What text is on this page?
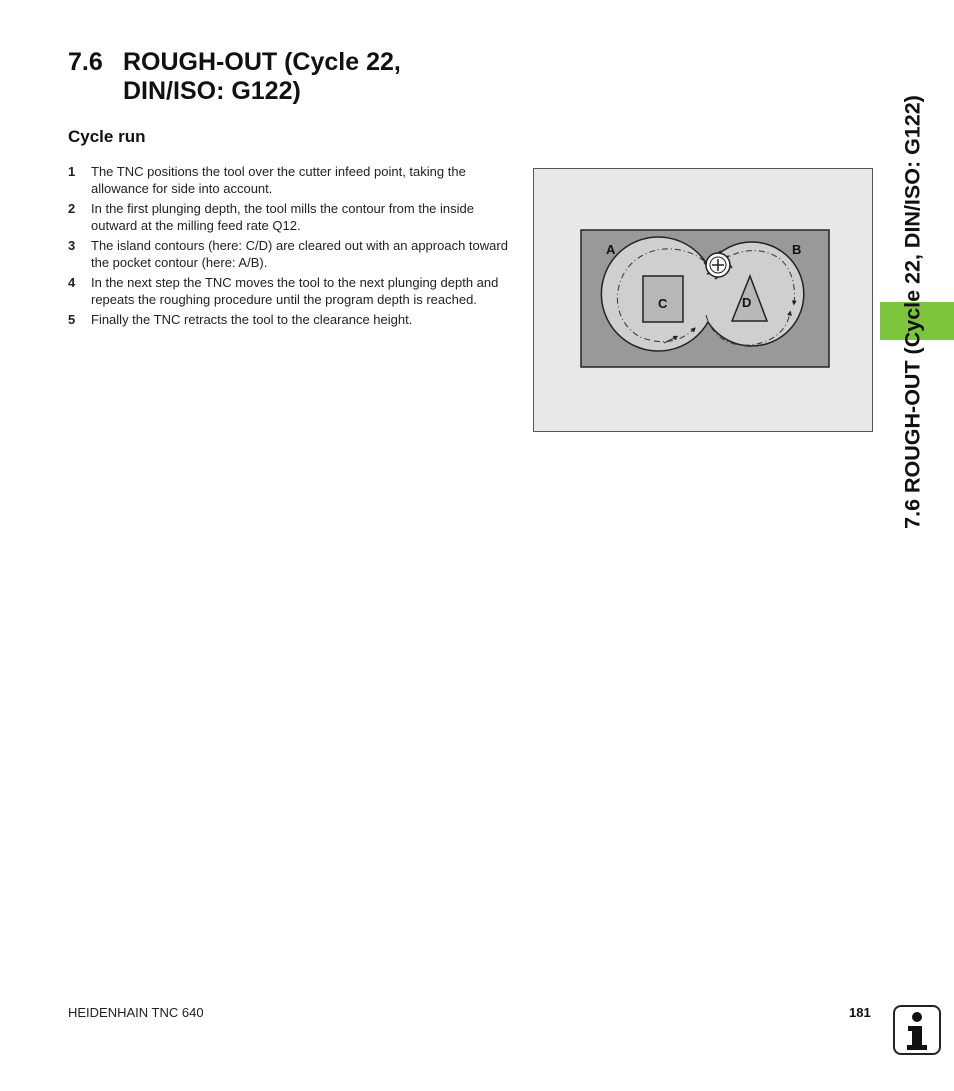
7.6 ROUGH-OUT (Cycle 22,
DIN/ISO: G122)
Cycle run
1 The TNC positions the tool over the cutter infeed point, taking the allowance for side into account.
2 In the first plunging depth, the tool mills the contour from the inside outward at the milling feed rate Q12.
3 The island contours (here: C/D) are cleared out with an approach toward the pocket contour (here: A/B).
4 In the next step the TNC moves the tool to the next plunging depth and repeats the roughing procedure until the program depth is reached.
5 Finally the TNC retracts the tool to the clearance height.
A	B
C	D	7.6 ROUGH-OUT (Cycle 22, DIN/ISO: G122)
HEIDENHAIN TNC 640	181
